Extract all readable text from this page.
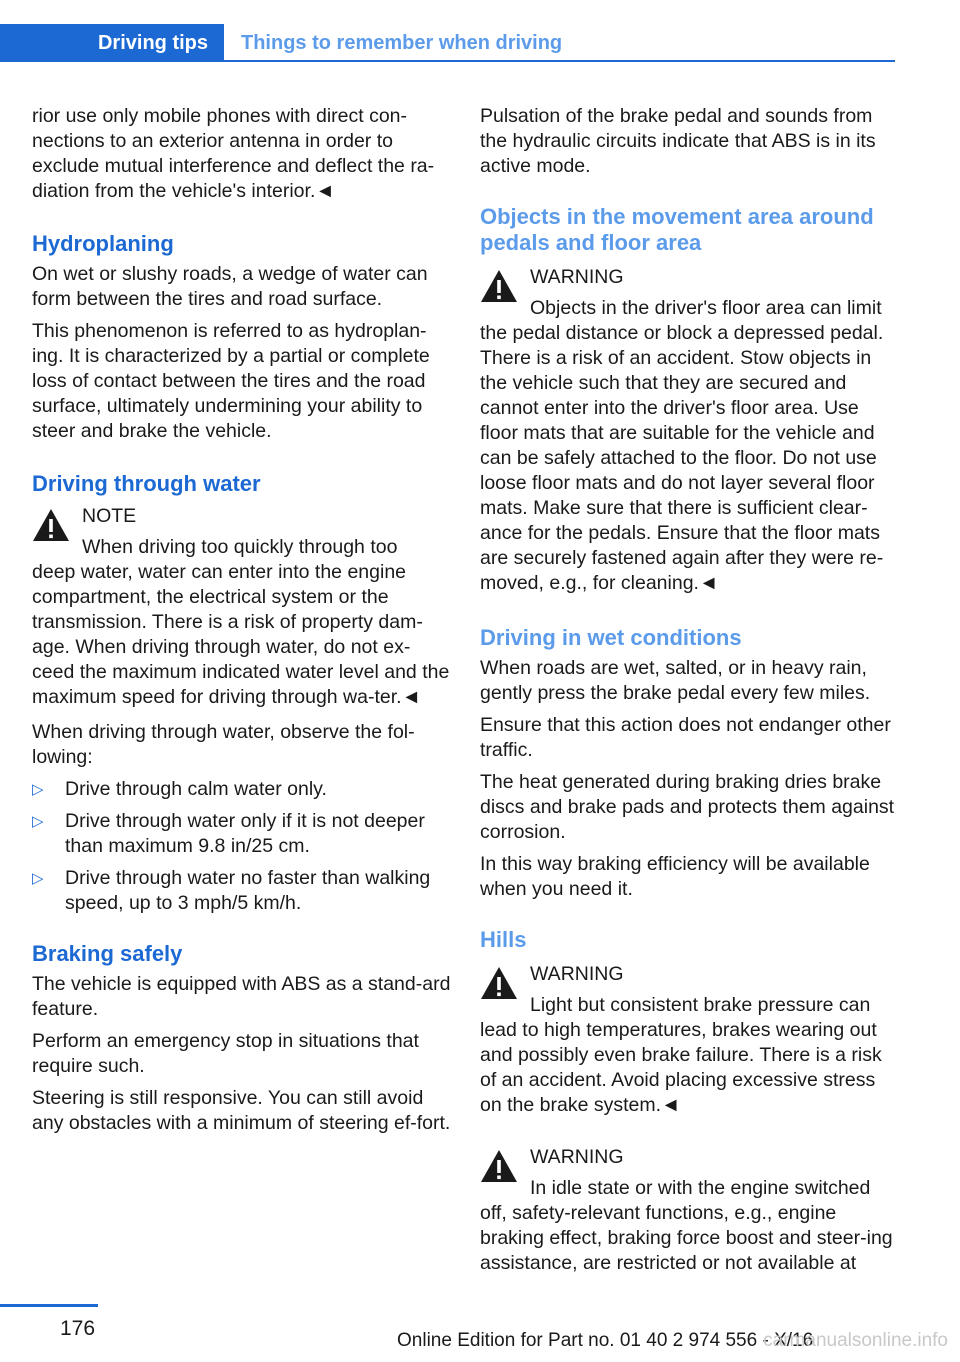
Driving tips	Things to remember when driving

rior use only mobile phones with direct con-nections to an exterior antenna in order to exclude mutual interference and deflect the ra-diation from the vehicle's interior.◄

Hydroplaning

On wet or slushy roads, a wedge of water can form between the tires and road surface.

This phenomenon is referred to as hydroplan-ing. It is characterized by a partial or complete loss of contact between the tires and the road surface, ultimately undermining your ability to steer and brake the vehicle.

Driving through water
NOTE
When driving too quickly through too

deep water, water can enter into the engine compartment, the electrical system or the transmission. There is a risk of property dam-age. When driving through water, do not ex-ceed the maximum indicated water level and the maximum speed for driving through wa-ter.◄

When driving through water, observe the fol-lowing:

▷ Drive through calm water only.
▷ Drive through water only if it is not deeper than maximum 9.8 in/25 cm.
▷ Drive through water no faster than walking speed, up to 3 mph/5 km/h.
Braking safely

The vehicle is equipped with ABS as a stand-ard feature.

Perform an emergency stop in situations that require such.

Steering is still responsive. You can still avoid any obstacles with a minimum of steering ef-fort.

Pulsation of the brake pedal and sounds from the hydraulic circuits indicate that ABS is in its active mode.

Objects in the movement area around pedals and floor area
WARNING
Objects in the driver's floor area can limit

the pedal distance or block a depressed pedal. There is a risk of an accident. Stow objects in the vehicle such that they are secured and cannot enter into the driver's floor area. Use floor mats that are suitable for the vehicle and can be safely attached to the floor. Do not use loose floor mats and do not layer several floor mats. Make sure that there is sufficient clear-ance for the pedals. Ensure that the floor mats are securely fastened again after they were re-moved, e.g., for cleaning.◄

Driving in wet conditions

When roads are wet, salted, or in heavy rain, gently press the brake pedal every few miles.

Ensure that this action does not endanger other traffic.

The heat generated during braking dries brake discs and brake pads and protects them against corrosion.

In this way braking efficiency will be available when you need it.

Hills
WARNING
Light but consistent brake pressure can

lead to high temperatures, brakes wearing out and possibly even brake failure. There is a risk of an accident. Avoid placing excessive stress on the brake system.◄

WARNING
In idle state or with the engine switched

off, safety-relevant functions, e.g., engine braking effect, braking force boost and steer-ing assistance, are restricted or not available at

176
Online Edition for Part no. 01 40 2 974 556 - X/16
carmanualsonline.info
